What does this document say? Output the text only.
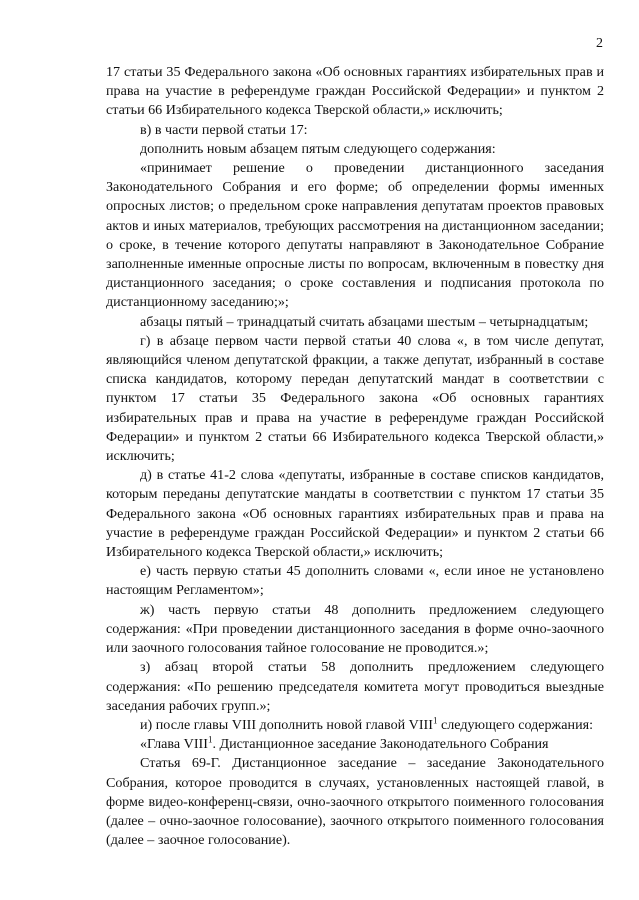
2

17 статьи 35 Федерального закона «Об основных гарантиях избирательных прав и права на участие в референдуме граждан Российской Федерации» и пунктом 2 статьи 66 Избирательного кодекса Тверской области,» исключить;

в) в части первой статьи 17:

дополнить новым абзацем пятым следующего содержания:

«принимает решение о проведении дистанционного заседания Законодательного Собрания и его форме; об определении формы именных опросных листов; о предельном сроке направления депутатам проектов правовых актов и иных материалов, требующих рассмотрения на дистанционном заседании; о сроке, в течение которого депутаты направляют в Законодательное Собрание заполненные именные опросные листы по вопросам, включенным в повестку дня дистанционного заседания; о сроке составления и подписания протокола по дистанционному заседанию;»;

абзацы пятый – тринадцатый считать абзацами шестым – четырнадцатым;

г) в абзаце первом части первой статьи 40 слова «, в том числе депутат, являющийся членом депутатской фракции, а также депутат, избранный в составе списка кандидатов, которому передан депутатский мандат в соответствии с пунктом 17 статьи 35 Федерального закона «Об основных гарантиях избирательных прав и права на участие в референдуме граждан Российской Федерации» и пунктом 2 статьи 66 Избирательного кодекса Тверской области,» исключить;

д) в статье 41-2 слова «депутаты, избранные в составе списков кандидатов, которым переданы депутатские мандаты в соответствии с пунктом 17 статьи 35 Федерального закона «Об основных гарантиях избирательных прав и права на участие в референдуме граждан Российской Федерации» и пунктом 2 статьи 66 Избирательного кодекса Тверской области,» исключить;

е) часть первую статьи 45 дополнить словами «, если иное не установлено настоящим Регламентом»;

ж) часть первую статьи 48 дополнить предложением следующего содержания: «При проведении дистанционного заседания в форме очно-заочного или заочного голосования тайное голосование не проводится.»;

з) абзац второй статьи 58 дополнить предложением следующего содержания: «По решению председателя комитета могут проводиться выездные заседания рабочих групп.»;

и) после главы VIII дополнить новой главой VIII$^1$ следующего содержания:

«Глава VIII$^1$. Дистанционное заседание Законодательного Собрания

Статья 69-Г. Дистанционное заседание – заседание Законодательного Собрания, которое проводится в случаях, установленных настоящей главой, в форме видео-конференц-связи, очно-заочного открытого поименного голосования (далее – очно-заочное голосование), заочного открытого поименного голосования (далее – заочное голосование).
